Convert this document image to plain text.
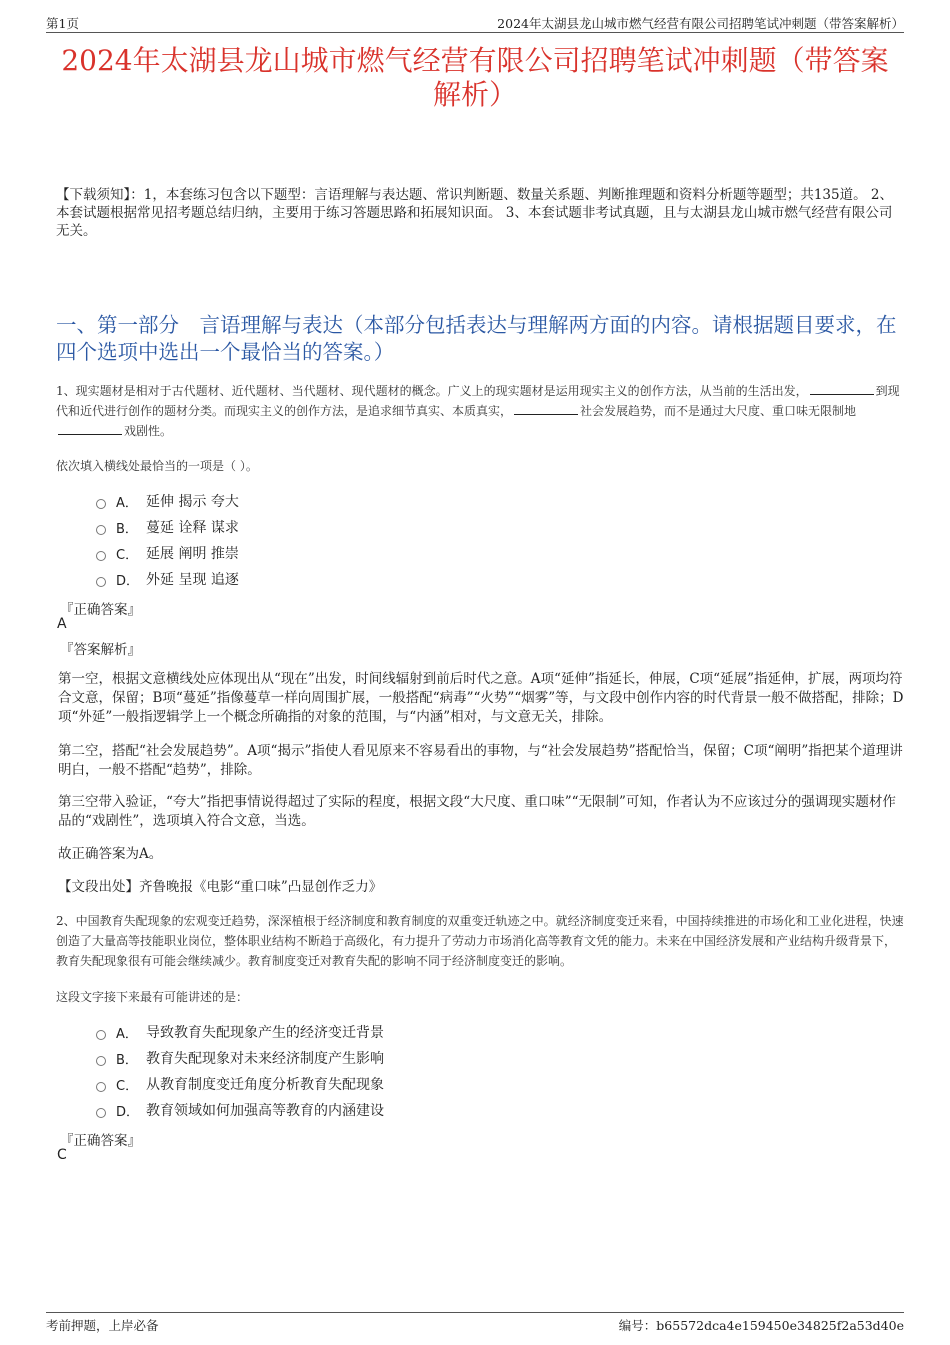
第1页	2024年太湖县龙山城市燃气经营有限公司招聘笔试冲刺题（带答案解析）
2024年太湖县龙山城市燃气经营有限公司招聘笔试冲刺题（带答案解析）
【下载须知】：1，本套练习包含以下题型：言语理解与表达题、常识判断题、数量关系题、判断推理题和资料分析题等题型；共135道。 2、本套试题根据常见招考题总结归纳，主要用于练习答题思路和拓展知识面。 3、本套试题非考试真题，且与太湖县龙山城市燃气经营有限公司无关。
一、第一部分　言语理解与表达（本部分包括表达与理解两方面的内容。请根据题目要求，在四个选项中选出一个最恰当的答案。）
1、现实题材是相对于古代题材、近代题材、当代题材、现代题材的概念。广义上的现实题材是运用现实主义的创作方法，从当前的生活出发，	到现代和近代进行创作的题材分类。而现实主义的创作方法，是追求细节真实、本质真实，	社会发展趋势，而不是通过大尺度、重口味无限制地戏剧性。
依次填入横线处最恰当的一项是（ ）。
A． 延伸 揭示 夸大
B． 蔓延 诠释 谋求
C． 延展 阐明 推崇
D． 外延 呈现 追逐
『正确答案』
A
『答案解析』
第一空，根据文意横线处应体现出从“现在”出发，时间线辐射到前后时代之意。A项“延伸”指延长，伸展，C项“延展”指延伸，扩展，两项均符合文意，保留；B项“蔓延”指像蔓草一样向周围扩展，一般搭配“病毒”“火势”“烟雾”等，与文段中创作内容的时代背景一般不做搭配，排除；D项“外延”一般指逻辑学上一个概念所确指的对象的范围，与“内涵”相对，与文意无关，排除。
第二空，搭配“社会发展趋势”。A项“揭示”指使人看见原来不容易看出的事物，与“社会发展趋势”搭配恰当，保留；C项“阐明”指把某个道理讲明白，一般不搭配“趋势”，排除。
第三空带入验证，“夸大”指把事情说得超过了实际的程度，根据文段“大尺度、重口味”“无限制”可知，作者认为不应该过分的强调现实题材作品的“戏剧性”，选项填入符合文意，当选。
故正确答案为A。
【文段出处】齐鲁晚报《电影“重口味”凸显创作乏力》
2、中国教育失配现象的宏观变迁趋势，深深植根于经济制度和教育制度的双重变迁轨迹之中。就经济制度变迁来看，中国持续推进的市场化和工业化进程，快速创造了大量高等技能职业岗位，整体职业结构不断趋于高级化，有力提升了劳动力市场消化高等教育文凭的能力。未来在中国经济发展和产业结构升级背景下，教育失配现象很有可能会继续减少。教育制度变迁对教育失配的影响不同于经济制度变迁的影响。
这段文字接下来最有可能讲述的是：
A． 导致教育失配现象产生的经济变迁背景
B． 教育失配现象对未来经济制度产生影响
C． 从教育制度变迁角度分析教育失配现象
D． 教育领域如何加强高等教育的内涵建设
『正确答案』
C
考前押题，上岸必备	编号：b65572dca4e159450e34825f2a53d40e
